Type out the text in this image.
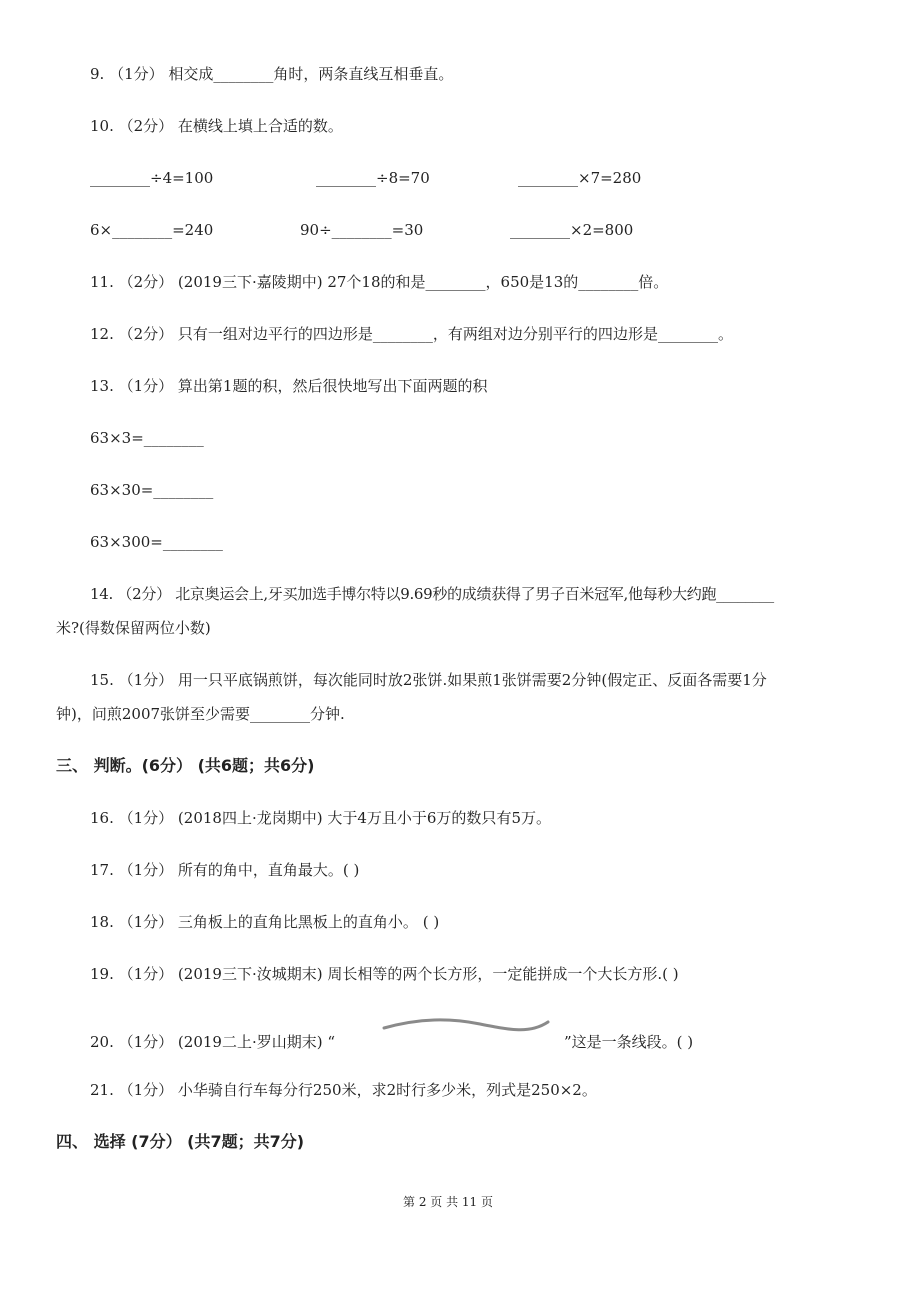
9. （1分） 相交成________角时，两条直线互相垂直。
10. （2分） 在横线上填上合适的数。
________÷4=100	________÷8=70	________×7=280
6×________=240	90÷________=30	________×2=800
11. （2分） (2019三下·嘉陵期中) 27个18的和是________，650是13的________倍。
12. （2分） 只有一组对边平行的四边形是________，有两组对边分别平行的四边形是________。
13. （1分） 算出第1题的积，然后很快地写出下面两题的积
63×3=________
63×30=________
63×300=________
14. （2分） 北京奥运会上,牙买加选手博尔特以9.69秒的成绩获得了男子百米冠军,他每秒大约跑________
米?(得数保留两位小数)
15. （1分） 用一只平底锅煎饼，每次能同时放2张饼.如果煎1张饼需要2分钟(假定正、反面各需要1分
钟)，问煎2007张饼至少需要________分钟.
三、 判断。(6分） (共6题；共6分)
16. （1分） (2018四上·龙岗期中) 大于4万且小于6万的数只有5万。
17. （1分） 所有的角中，直角最大。( )
18. （1分） 三角板上的直角比黑板上的直角小。 ( )
19. （1分） (2019三下·汝城期末) 周长相等的两个长方形，一定能拼成一个大长方形.( )
20. （1分） (2019二上·罗山期末) “	”这是一条线段。( )
21. （1分） 小华骑自行车每分行250米，求2时行多少米，列式是250×2。
四、 选择 (7分） (共7题；共7分)
第 2 页 共 11 页
